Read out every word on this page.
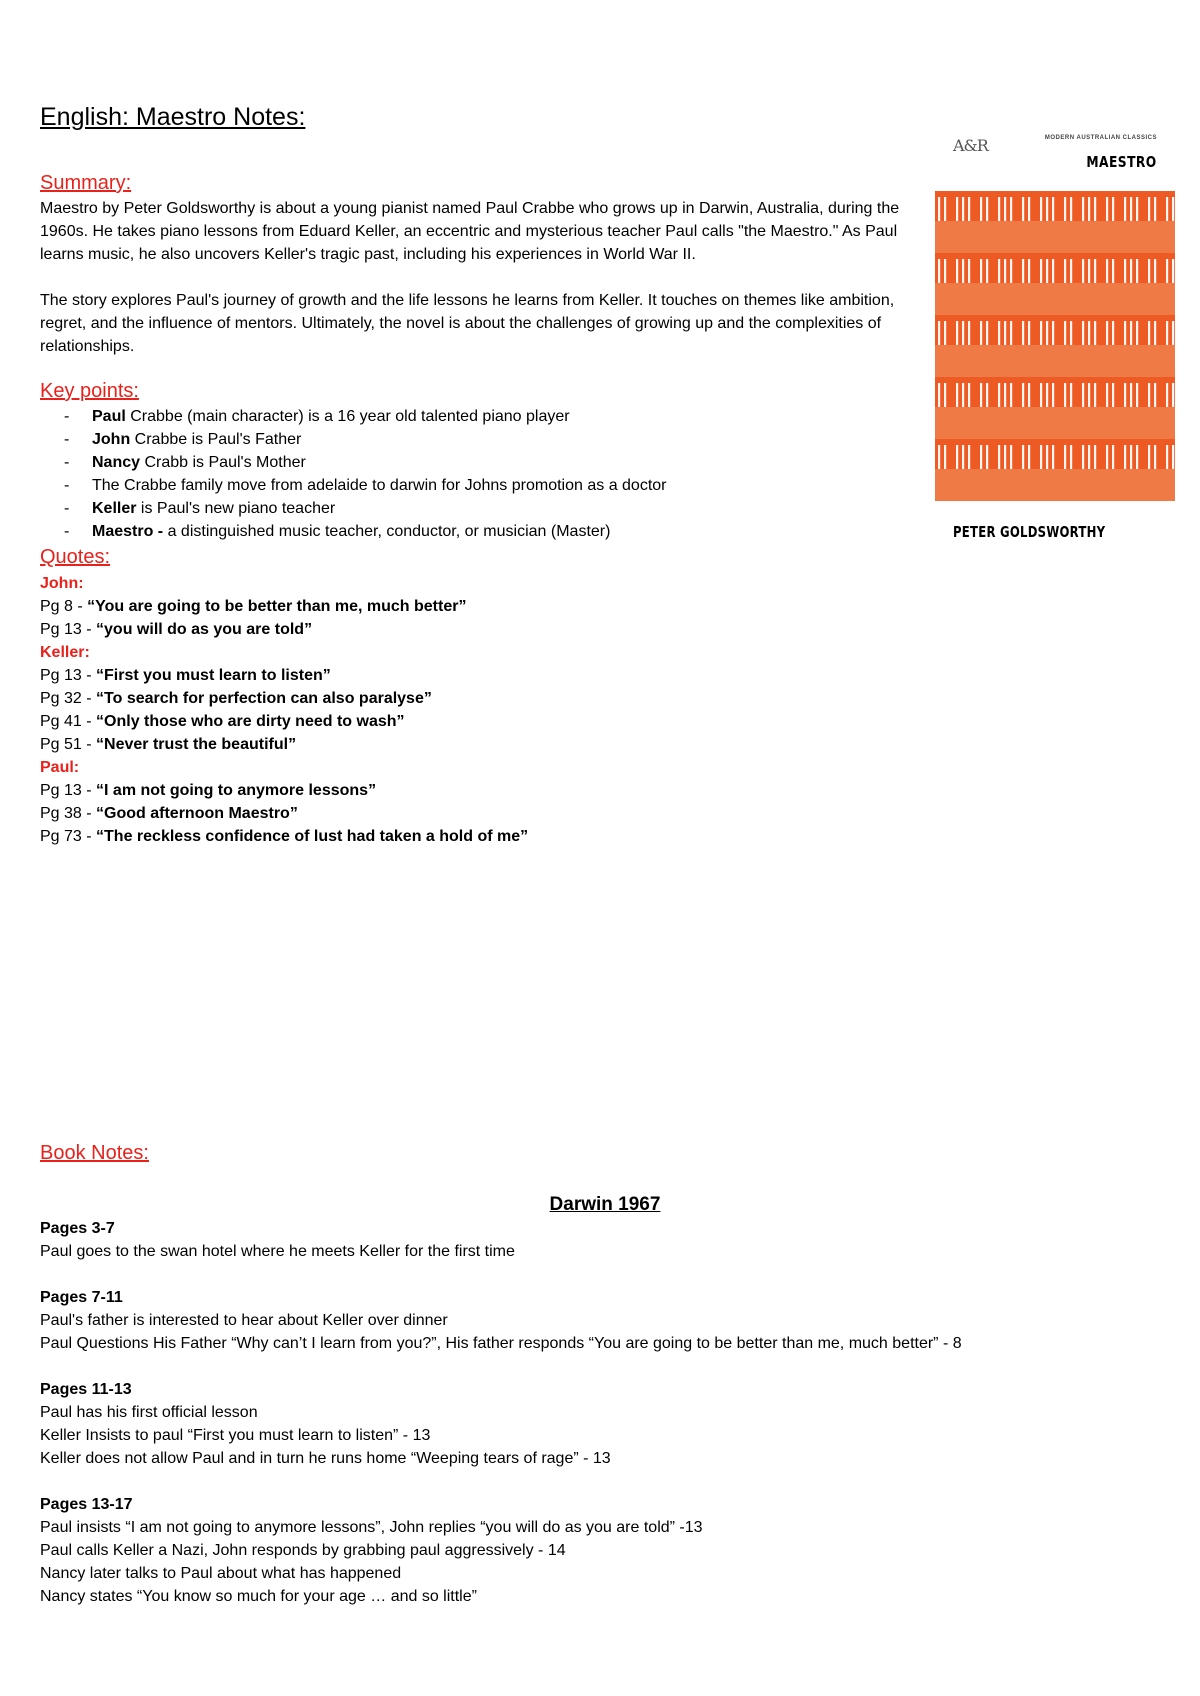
English: Maestro Notes:
Summary:

Maestro by Peter Goldsworthy is about a young pianist named Paul Crabbe who grows up in Darwin, Australia, during the 1960s. He takes piano lessons from Eduard Keller, an eccentric and mysterious teacher Paul calls "the Maestro." As Paul learns music, he also uncovers Keller's tragic past, including his experiences in World War II.

The story explores Paul's journey of growth and the life lessons he learns from Keller. It touches on themes like ambition, regret, and the influence of mentors. Ultimately, the novel is about the challenges of growing up and the complexities of relationships.

Key points:
- Paul Crabbe (main character) is a 16 year old talented piano player
- John Crabbe is Paul's Father
- Nancy Crabb is Paul's Mother
- The Crabbe family move from adelaide to darwin for Johns promotion as a doctor
- Keller is Paul's new piano teacher
- Maestro - a distinguished music teacher, conductor, or musician (Master)
Quotes:
John:
Pg 8 - “You are going to be better than me, much better”
Pg 13 - “you will do as you are told”
Keller:
Pg 13 - “First you must learn to listen”
Pg 32 - “To search for perfection can also paralyse”
Pg 41 - “Only those who are dirty need to wash”
Pg 51 - “Never trust the beautiful”
Paul:
Pg 13 - “I am not going to anymore lessons”
Pg 38 - “Good afternoon Maestro”
Pg 73 - “The reckless confidence of lust had taken a hold of me”
A&R	MODERN AUSTRALIAN CLASSICS
MAESTRO
PETER GOLDSWORTHY
Book Notes:
Darwin 1967
Pages 3-7
Paul goes to the swan hotel where he meets Keller for the first time
Pages 7-11
Paul's father is interested to hear about Keller over dinner
Paul Questions His Father “Why can’t I learn from you?”, His father responds “You are going to be better than me, much better” - 8
Pages 11-13
Paul has his first official lesson
Keller Insists to paul “First you must learn to listen” - 13
Keller does not allow Paul and in turn he runs home “Weeping tears of rage” - 13
Pages 13-17
Paul insists “I am not going to anymore lessons”, John replies “you will do as you are told” -13
Paul calls Keller a Nazi, John responds by grabbing paul aggressively - 14
Nancy later talks to Paul about what has happened
Nancy states “You know so much for your age … and so little”
